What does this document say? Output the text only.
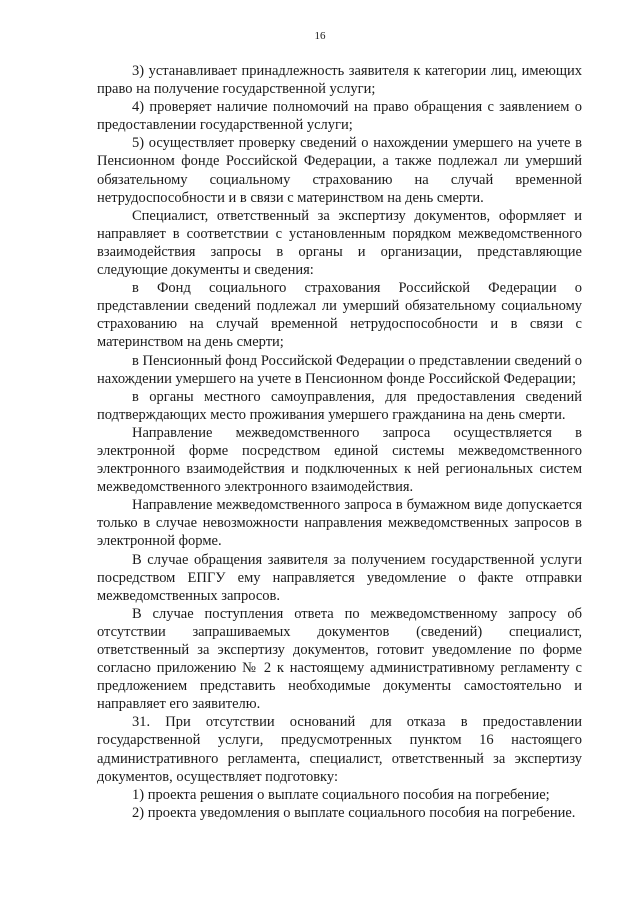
16

3) устанавливает принадлежность заявителя к категории лиц, имеющих право на получение государственной услуги;

4) проверяет наличие полномочий на право обращения с заявлением о предоставлении государственной услуги;

5) осуществляет проверку сведений о нахождении умершего на учете в Пенсионном фонде Российской Федерации, а также подлежал ли умерший обязательному социальному страхованию на случай временной нетрудоспособности и в связи с материнством на день смерти.

Специалист, ответственный за экспертизу документов, оформляет и направляет в соответствии с установленным порядком межведомственного взаимодействия запросы в органы и организации, представляющие следующие документы и сведения:

в Фонд социального страхования Российской Федерации о представлении сведений подлежал ли умерший обязательному социальному страхованию на случай временной нетрудоспособности и в связи с материнством на день смерти;

в Пенсионный фонд Российской Федерации о представлении сведений о нахождении умершего на учете в Пенсионном фонде Российской Федерации;

в органы местного самоуправления, для предоставления сведений подтверждающих место проживания умершего гражданина на день смерти.

Направление межведомственного запроса осуществляется в электронной форме посредством единой системы межведомственного электронного взаимодействия и подключенных к ней региональных систем межведомственного электронного взаимодействия.

Направление межведомственного запроса в бумажном виде допускается только в случае невозможности направления межведомственных запросов в электронной форме.

В случае обращения заявителя за получением государственной услуги посредством ЕПГУ ему направляется уведомление о факте отправки межведомственных запросов.

В случае поступления ответа по межведомственному запросу об отсутствии запрашиваемых документов (сведений) специалист, ответственный за экспертизу документов, готовит уведомление по форме согласно приложению № 2 к настоящему административному регламенту с предложением представить необходимые документы самостоятельно и направляет его заявителю.

31. При отсутствии оснований для отказа в предоставлении государственной услуги, предусмотренных пунктом 16 настоящего административного регламента, специалист, ответственный за экспертизу документов, осуществляет подготовку:

1) проекта решения о выплате социального пособия на погребение;

2) проекта уведомления о выплате социального пособия на погребение.
